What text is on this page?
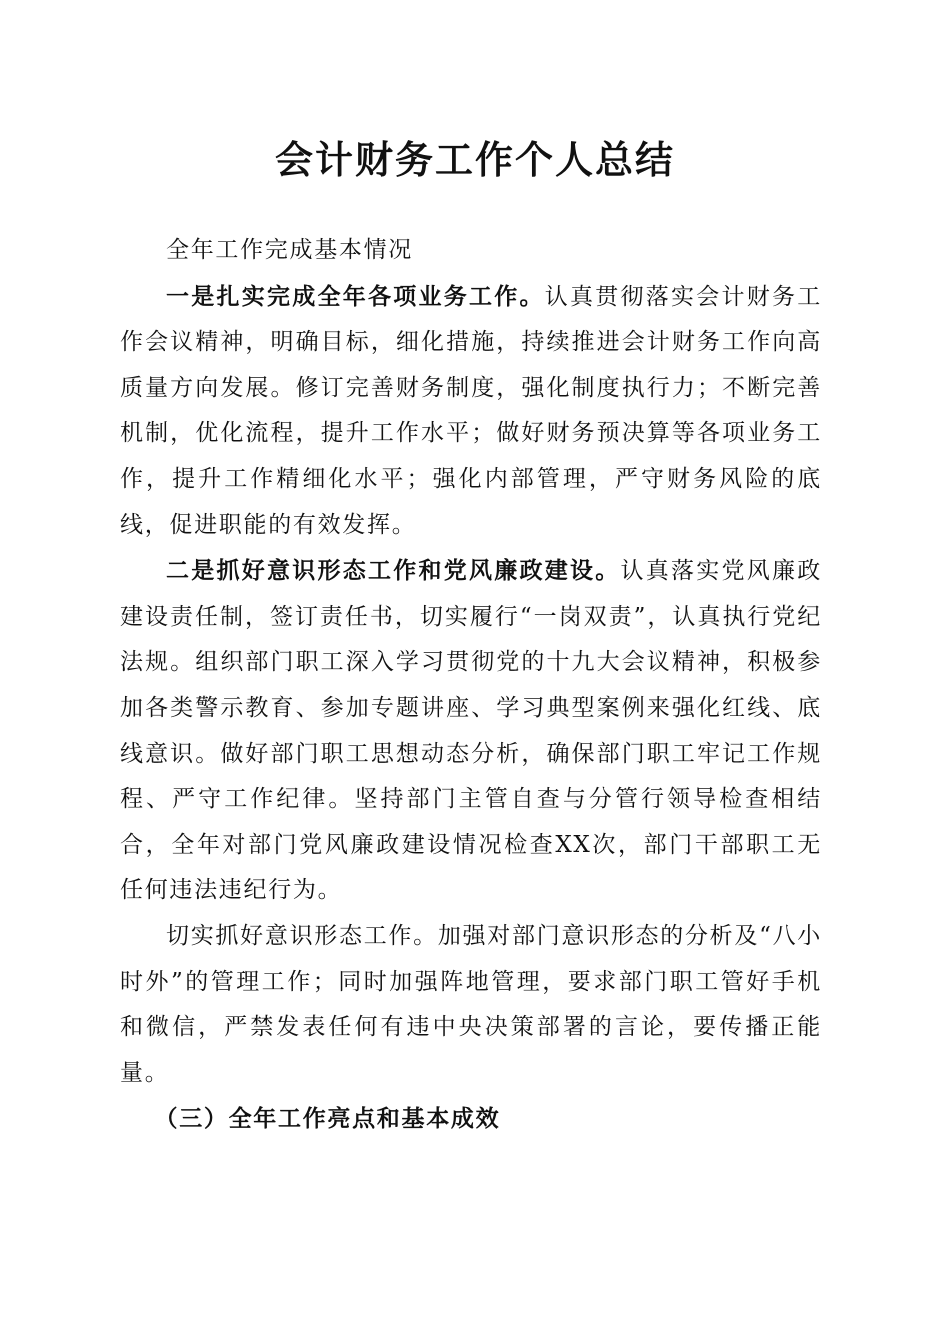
会计财务工作个人总结

全年工作完成基本情况

一是扎实完成全年各项业务工作。认真贯彻落实会计财务工作会议精神，明确目标，细化措施，持续推进会计财务工作向高质量方向发展。修订完善财务制度，强化制度执行力；不断完善机制，优化流程，提升工作水平；做好财务预决算等各项业务工作，提升工作精细化水平；强化内部管理，严守财务风险的底线，促进职能的有效发挥。

二是抓好意识形态工作和党风廉政建设。认真落实党风廉政建设责任制，签订责任书，切实履行“一岗双责”，认真执行党纪法规。组织部门职工深入学习贯彻党的十九大会议精神，积极参加各类警示教育、参加专题讲座、学习典型案例来强化红线、底线意识。做好部门职工思想动态分析，确保部门职工牢记工作规程、严守工作纪律。坚持部门主管自查与分管行领导检查相结合，全年对部门党风廉政建设情况检查XX次，部门干部职工无任何违法违纪行为。

切实抓好意识形态工作。加强对部门意识形态的分析及“八小时外”的管理工作；同时加强阵地管理，要求部门职工管好手机和微信，严禁发表任何有违中央决策部署的言论，要传播正能量。

（三）全年工作亮点和基本成效
